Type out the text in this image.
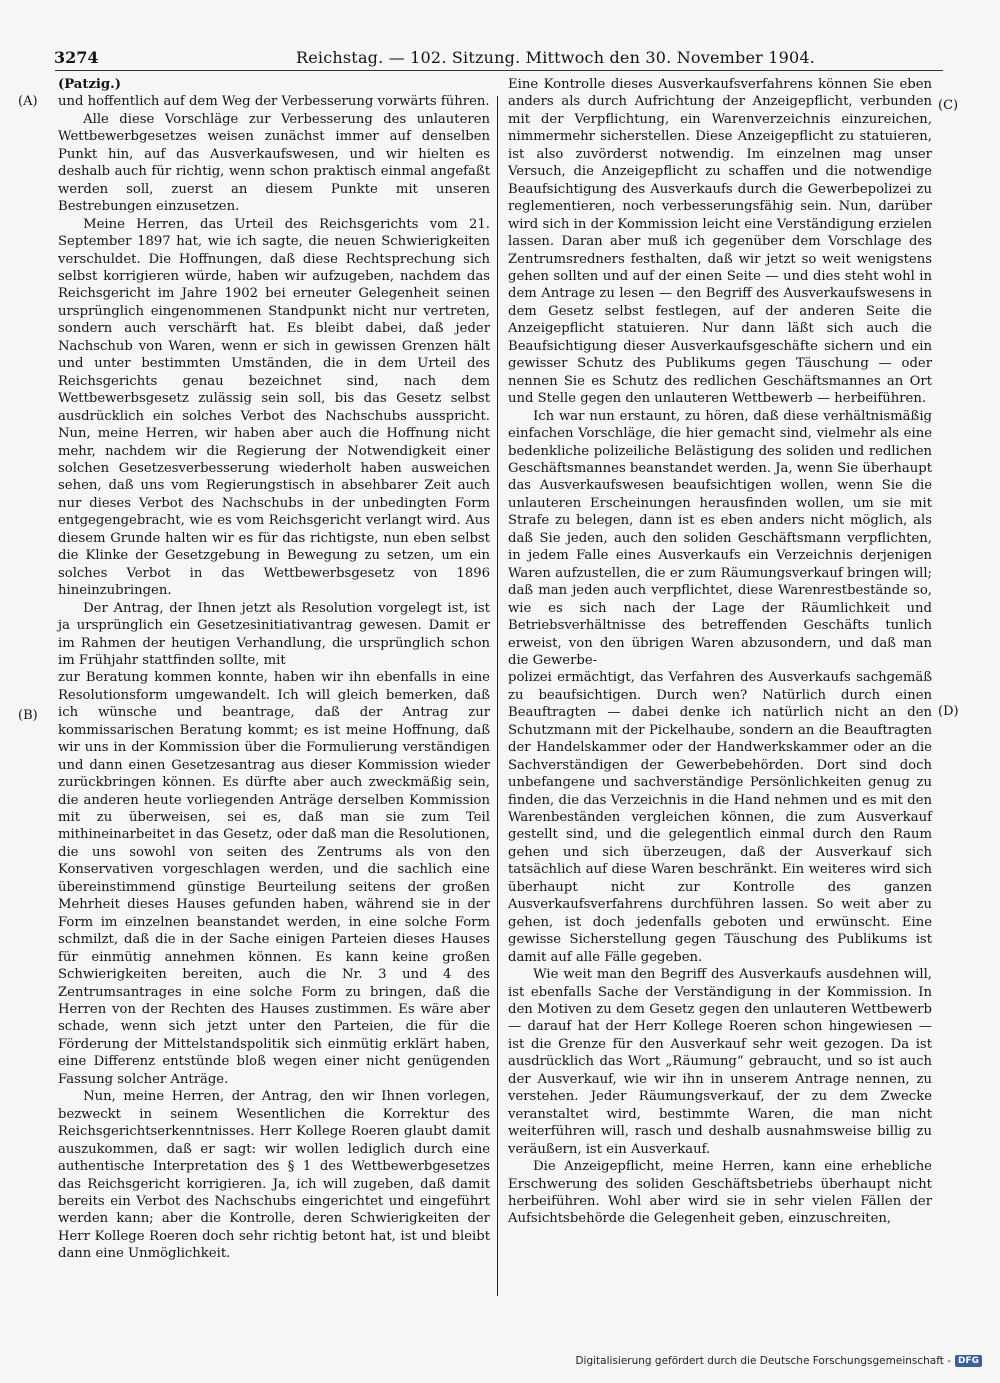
3274	Reichstag. — 102. Sitzung. Mittwoch den 30. November 1904.
(A)
(B)
(C)
(D)

(Patzig.)

und hoffentlich auf dem Weg der Verbesserung vorwärts führen.

Alle diese Vorschläge zur Verbesserung des unlauteren Wettbewerbgesetzes weisen zunächst immer auf denselben Punkt hin, auf das Ausverkaufswesen, und wir hielten es deshalb auch für richtig, wenn schon praktisch einmal angefaßt werden soll, zuerst an diesem Punkte mit unseren Bestrebungen einzusetzen.

Meine Herren, das Urteil des Reichsgerichts vom 21. September 1897 hat, wie ich sagte, die neuen Schwierigkeiten verschuldet. Die Hoffnungen, daß diese Rechtsprechung sich selbst korrigieren würde, haben wir aufzugeben, nachdem das Reichsgericht im Jahre 1902 bei erneuter Gelegenheit seinen ursprünglich eingenommenen Standpunkt nicht nur vertreten, sondern auch verschärft hat. Es bleibt dabei, daß jeder Nachschub von Waren, wenn er sich in gewissen Grenzen hält und unter bestimmten Umständen, die in dem Urteil des Reichsgerichts genau bezeichnet sind, nach dem Wettbewerbsgesetz zulässig sein soll, bis das Gesetz selbst ausdrücklich ein solches Verbot des Nachschubs ausspricht. Nun, meine Herren, wir haben aber auch die Hoffnung nicht mehr, nachdem wir die Regierung der Notwendigkeit einer solchen Gesetzesverbesserung wiederholt haben ausweichen sehen, daß uns vom Regierungstisch in absehbarer Zeit auch nur dieses Verbot des Nachschubs in der unbedingten Form entgegengebracht, wie es vom Reichsgericht verlangt wird. Aus diesem Grunde halten wir es für das richtigste, nun eben selbst die Klinke der Gesetzgebung in Bewegung zu setzen, um ein solches Verbot in das Wettbewerbsgesetz von 1896 hineinzubringen.

Der Antrag, der Ihnen jetzt als Resolution vorgelegt ist, ist ja ursprünglich ein Gesetzesinitiativantrag gewesen. Damit er im Rahmen der heutigen Verhandlung, die ursprünglich schon im Frühjahr stattfinden sollte, mit

zur Beratung kommen konnte, haben wir ihn ebenfalls in eine Resolutionsform umgewandelt. Ich will gleich bemerken, daß ich wünsche und beantrage, daß der Antrag zur kommissarischen Beratung kommt; es ist meine Hoffnung, daß wir uns in der Kommission über die Formulierung verständigen und dann einen Gesetzesantrag aus dieser Kommission wieder zurückbringen können. Es dürfte aber auch zweckmäßig sein, die anderen heute vorliegenden Anträge derselben Kommission mit zu überweisen, sei es, daß man sie zum Teil mithineinarbeitet in das Gesetz, oder daß man die Resolutionen, die uns sowohl von seiten des Zentrums als von den Konservativen vorgeschlagen werden, und die sachlich eine übereinstimmend günstige Beurteilung seitens der großen Mehrheit dieses Hauses gefunden haben, während sie in der Form im einzelnen beanstandet werden, in eine solche Form schmilzt, daß die in der Sache einigen Parteien dieses Hauses für einmütig annehmen können. Es kann keine großen Schwierigkeiten bereiten, auch die Nr. 3 und 4 des Zentrumsantrages in eine solche Form zu bringen, daß die Herren von der Rechten des Hauses zustimmen. Es wäre aber schade, wenn sich jetzt unter den Parteien, die für die Förderung der Mittelstandspolitik sich einmütig erklärt haben, eine Differenz entstünde bloß wegen einer nicht genügenden Fassung solcher Anträge.

Nun, meine Herren, der Antrag, den wir Ihnen vorlegen, bezweckt in seinem Wesentlichen die Korrektur des Reichsgerichtserkenntnisses. Herr Kollege Roeren glaubt damit auszukommen, daß er sagt: wir wollen lediglich durch eine authentische Interpretation des § 1 des Wettbewerbgesetzes das Reichsgericht korrigieren. Ja, ich will zugeben, daß damit bereits ein Verbot des Nachschubs eingerichtet und eingeführt werden kann; aber die Kontrolle, deren Schwierigkeiten der Herr Kollege Roeren doch sehr richtig betont hat, ist und bleibt dann eine Unmöglichkeit.

Eine Kontrolle dieses Ausverkaufsverfahrens können Sie eben anders als durch Aufrichtung der Anzeigepflicht, verbunden mit der Verpflichtung, ein Warenverzeichnis einzureichen, nimmermehr sicherstellen. Diese Anzeigepflicht zu statuieren, ist also zuvörderst notwendig. Im einzelnen mag unser Versuch, die Anzeigepflicht zu schaffen und die notwendige Beaufsichtigung des Ausverkaufs durch die Gewerbepolizei zu reglementieren, noch verbesserungsfähig sein. Nun, darüber wird sich in der Kommission leicht eine Verständigung erzielen lassen. Daran aber muß ich gegenüber dem Vorschlage des Zentrumsredners festhalten, daß wir jetzt so weit wenigstens gehen sollten und auf der einen Seite — und dies steht wohl in dem Antrage zu lesen — den Begriff des Ausverkaufswesens in dem Gesetz selbst festlegen, auf der anderen Seite die Anzeigepflicht statuieren. Nur dann läßt sich auch die Beaufsichtigung dieser Ausverkaufsgeschäfte sichern und ein gewisser Schutz des Publikums gegen Täuschung — oder nennen Sie es Schutz des redlichen Geschäftsmannes an Ort und Stelle gegen den unlauteren Wettbewerb — herbeiführen.

Ich war nun erstaunt, zu hören, daß diese verhältnismäßig einfachen Vorschläge, die hier gemacht sind, vielmehr als eine bedenkliche polizeiliche Belästigung des soliden und redlichen Geschäftsmannes beanstandet werden. Ja, wenn Sie überhaupt das Ausverkaufswesen beaufsichtigen wollen, wenn Sie die unlauteren Erscheinungen herausfinden wollen, um sie mit Strafe zu belegen, dann ist es eben anders nicht möglich, als daß Sie jeden, auch den soliden Geschäftsmann verpflichten, in jedem Falle eines Ausverkaufs ein Verzeichnis derjenigen Waren aufzustellen, die er zum Räumungsverkauf bringen will; daß man jeden auch verpflichtet, diese Warenrestbestände so, wie es sich nach der Lage der Räumlichkeit und Betriebsverhältnisse des betreffenden Geschäfts tunlich erweist, von den übrigen Waren abzusondern, und daß man die Gewerbe-

polizei ermächtigt, das Verfahren des Ausverkaufs sachgemäß zu beaufsichtigen. Durch wen? Natürlich durch einen Beauftragten — dabei denke ich natürlich nicht an den Schutzmann mit der Pickelhaube, sondern an die Beauftragten der Handelskammer oder der Handwerkskammer oder an die Sachverständigen der Gewerbebehörden. Dort sind doch unbefangene und sachverständige Persönlichkeiten genug zu finden, die das Verzeichnis in die Hand nehmen und es mit den Warenbeständen vergleichen können, die zum Ausverkauf gestellt sind, und die gelegentlich einmal durch den Raum gehen und sich überzeugen, daß der Ausverkauf sich tatsächlich auf diese Waren beschränkt. Ein weiteres wird sich überhaupt nicht zur Kontrolle des ganzen Ausverkaufsverfahrens durchführen lassen. So weit aber zu gehen, ist doch jedenfalls geboten und erwünscht. Eine gewisse Sicherstellung gegen Täuschung des Publikums ist damit auf alle Fälle gegeben.

Wie weit man den Begriff des Ausverkaufs ausdehnen will, ist ebenfalls Sache der Verständigung in der Kommission. In den Motiven zu dem Gesetz gegen den unlauteren Wettbewerb — darauf hat der Herr Kollege Roeren schon hingewiesen — ist die Grenze für den Ausverkauf sehr weit gezogen. Da ist ausdrücklich das Wort „Räumung“ gebraucht, und so ist auch der Ausverkauf, wie wir ihn in unserem Antrage nennen, zu verstehen. Jeder Räumungsverkauf, der zu dem Zwecke veranstaltet wird, bestimmte Waren, die man nicht weiterführen will, rasch und deshalb ausnahmsweise billig zu veräußern, ist ein Ausverkauf.

Die Anzeigepflicht, meine Herren, kann eine erhebliche Erschwerung des soliden Geschäftsbetriebs überhaupt nicht herbeiführen. Wohl aber wird sie in sehr vielen Fällen der Aufsichtsbehörde die Gelegenheit geben, einzuschreiten,

Digitalisierung gefördert durch die Deutsche Forschungsgemeinschaft - DFG
